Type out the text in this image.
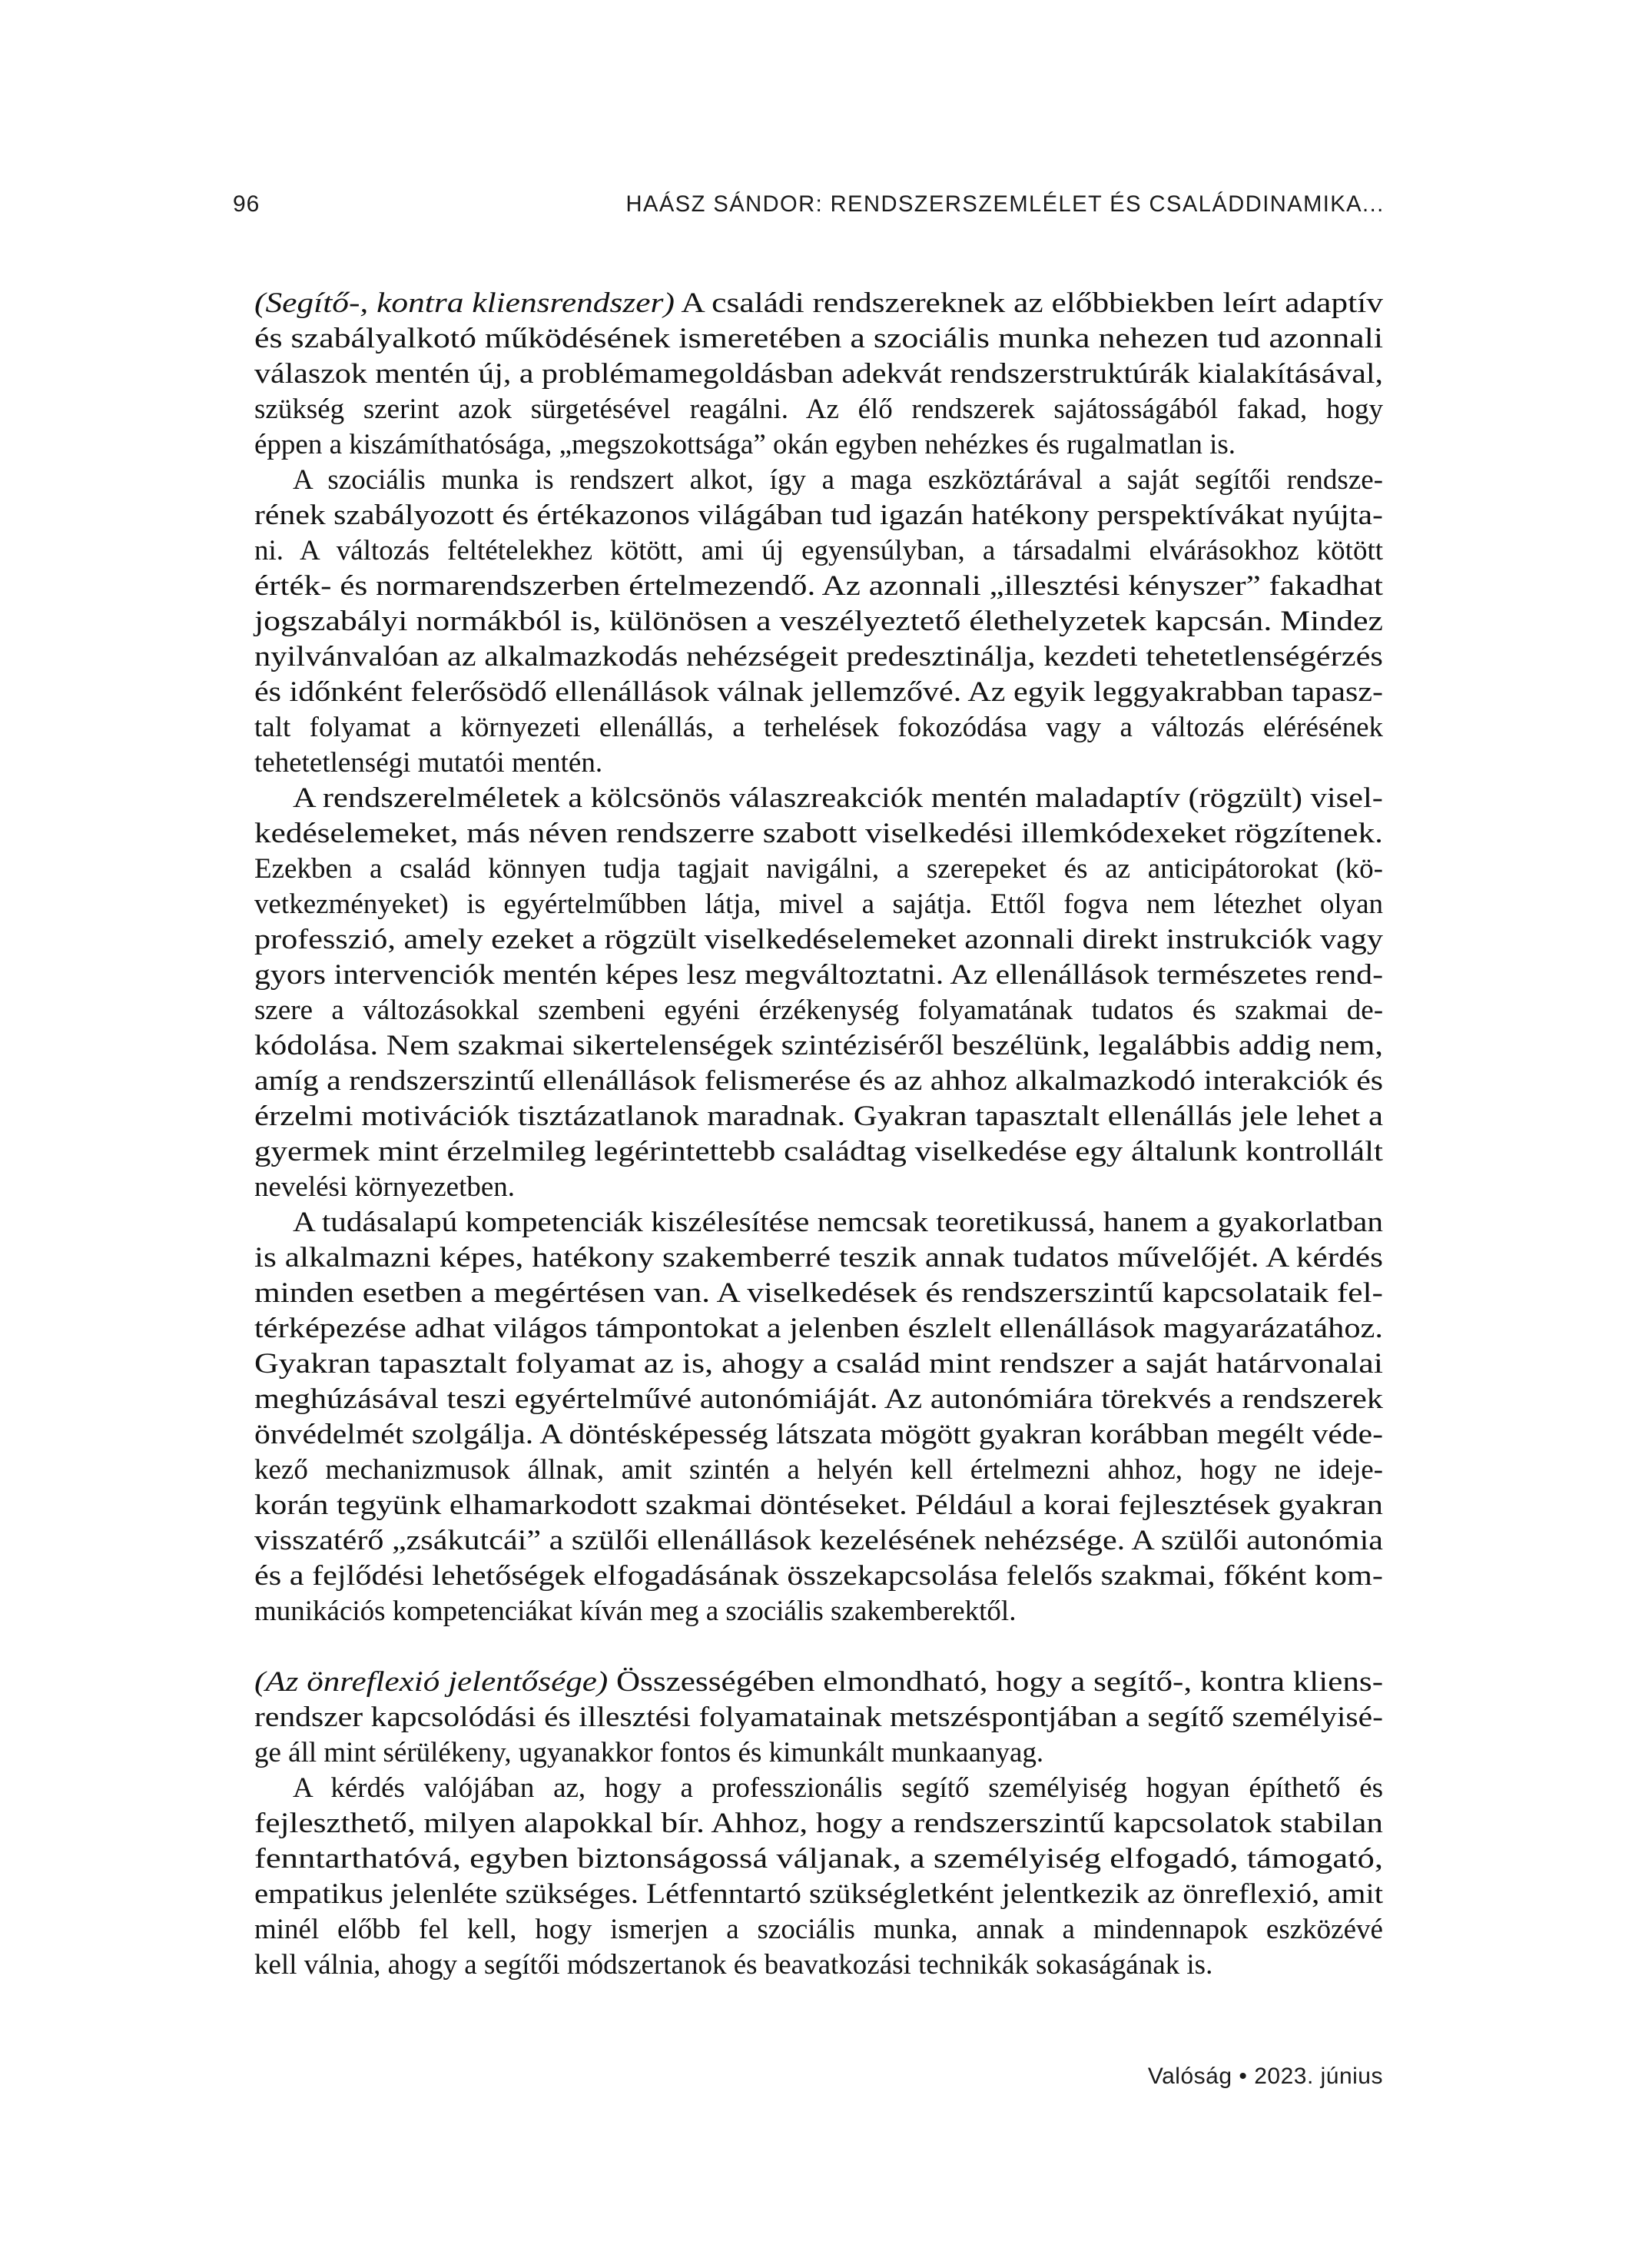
96	HAÁSZ SÁNDOR: RENDSZERSZEMLÉLET ÉS CSALÁDDINAMIKA...
(Segítő-, kontra kliensrendszer) A családi rendszereknek az előbbiekben leírt adaptív
és szabályalkotó működésének ismeretében a szociális munka nehezen tud azonnali
válaszok mentén új, a problémamegoldásban adekvát rendszerstruktúrák kialakításával,
szükség szerint azok sürgetésével reagálni. Az élő rendszerek sajátosságából fakad, hogy
éppen a kiszámíthatósága, „megszokottsága” okán egyben nehézkes és rugalmatlan is.
A szociális munka is rendszert alkot, így a maga eszköztárával a saját segítői rendsze-
rének szabályozott és értékazonos világában tud igazán hatékony perspektívákat nyújta-
ni. A változás feltételekhez kötött, ami új egyensúlyban, a társadalmi elvárásokhoz kötött
érték- és normarendszerben értelmezendő. Az azonnali „illesztési kényszer” fakadhat
jogszabályi normákból is, különösen a veszélyeztető élethelyzetek kapcsán. Mindez
nyilvánvalóan az alkalmazkodás nehézségeit predesztinálja, kezdeti tehetetlenségérzés
és időnként felerősödő ellenállások válnak jellemzővé. Az egyik leggyakrabban tapasz-
talt folyamat a környezeti ellenállás, a terhelések fokozódása vagy a változás elérésének
tehetetlenségi mutatói mentén.
A rendszerelméletek a kölcsönös válaszreakciók mentén maladaptív (rögzült) visel-
kedéselemeket, más néven rendszerre szabott viselkedési illemkódexeket rögzítenek.
Ezekben a család könnyen tudja tagjait navigálni, a szerepeket és az anticipátorokat (kö-
vetkezményeket) is egyértelműbben látja, mivel a sajátja. Ettől fogva nem létezhet olyan
professzió, amely ezeket a rögzült viselkedéselemeket azonnali direkt instrukciók vagy
gyors intervenciók mentén képes lesz megváltoztatni. Az ellenállások természetes rend-
szere a változásokkal szembeni egyéni érzékenység folyamatának tudatos és szakmai de-
kódolása. Nem szakmai sikertelenségek szintéziséről beszélünk, legalábbis addig nem,
amíg a rendszerszintű ellenállások felismerése és az ahhoz alkalmazkodó interakciók és
érzelmi motivációk tisztázatlanok maradnak. Gyakran tapasztalt ellenállás jele lehet a
gyermek mint érzelmileg legérintettebb családtag viselkedése egy általunk kontrollált
nevelési környezetben.
A tudásalapú kompetenciák kiszélesítése nemcsak teoretikussá, hanem a gyakorlatban
is alkalmazni képes, hatékony szakemberré teszik annak tudatos művelőjét. A kérdés
minden esetben a megértésen van. A viselkedések és rendszerszintű kapcsolataik fel-
térképezése adhat világos támpontokat a jelenben észlelt ellenállások magyarázatához.
Gyakran tapasztalt folyamat az is, ahogy a család mint rendszer a saját határvonalai
meghúzásával teszi egyértelművé autonómiáját. Az autonómiára törekvés a rendszerek
önvédelmét szolgálja. A döntésképesség látszata mögött gyakran korábban megélt véde-
kező mechanizmusok állnak, amit szintén a helyén kell értelmezni ahhoz, hogy ne ideje-
korán tegyünk elhamarkodott szakmai döntéseket. Például a korai fejlesztések gyakran
visszatérő „zsákutcái” a szülői ellenállások kezelésének nehézsége. A szülői autonómia
és a fejlődési lehetőségek elfogadásának összekapcsolása felelős szakmai, főként kom-
munikációs kompetenciákat kíván meg a szociális szakemberektől.
(Az önreflexió jelentősége) Összességében elmondható, hogy a segítő-, kontra kliens-
rendszer kapcsolódási és illesztési folyamatainak metszéspontjában a segítő személyisé-
ge áll mint sérülékeny, ugyanakkor fontos és kimunkált munkaanyag.
A kérdés valójában az, hogy a professzionális segítő személyiség hogyan építhető és
fejleszthető, milyen alapokkal bír. Ahhoz, hogy a rendszerszintű kapcsolatok stabilan
fenntarthatóvá, egyben biztonságossá váljanak, a személyiség elfogadó, támogató,
empatikus jelenléte szükséges. Létfenntartó szükségletként jelentkezik az önreflexió, amit
minél előbb fel kell, hogy ismerjen a szociális munka, annak a mindennapok eszközévé
kell válnia, ahogy a segítői módszertanok és beavatkozási technikák sokaságának is.
Valóság • 2023. június
